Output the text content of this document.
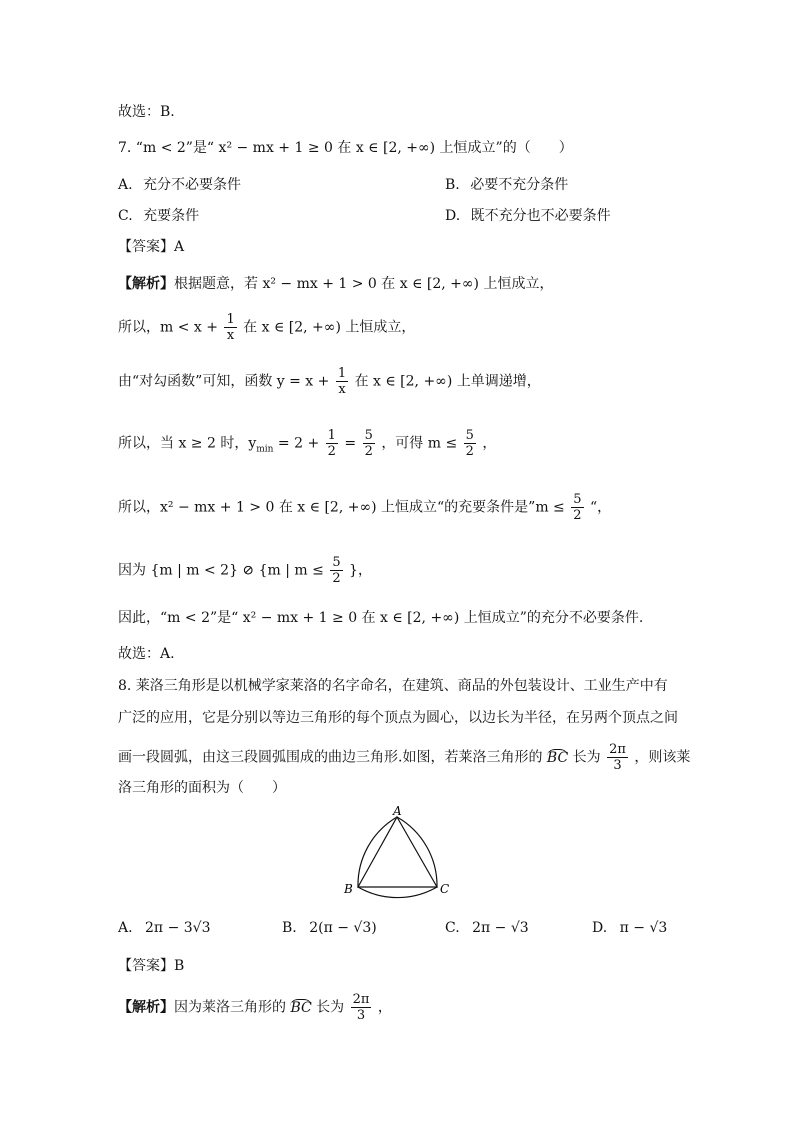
故选：B.
7. “m < 2”是“ x² − mx + 1 ≥ 0 在 x ∈ [2, +∞) 上恒成立”的（　　）
A. 充分不必要条件	B. 必要不充分条件
C. 充要条件	D. 既不充分也不必要条件
【答案】A
【解析】根据题意，若 x² − mx + 1 > 0 在 x ∈ [2, +∞) 上恒成立，
所以，$m < x + \frac{1}{x}$ 在 x ∈ [2, +∞) 上恒成立，
由“对勾函数”可知，函数 $y = x + \frac{1}{x}$ 在 x ∈ [2, +∞) 上单调递增，
所以，当 x ≥ 2 时，$y_{min} = 2 + \frac{1}{2} = \frac{5}{2}$ ，可得 $m \le \frac{5}{2}$ ，
所以，x² − mx + 1 > 0 在 x ∈ [2, +∞) 上恒成立“的充要条件是”m ≤ $\frac{5}{2}$ “，
因为 {m | m < 2} ⊘ {m | $m \le \frac{5}{2}$ }，
因此，“m < 2”是“ x² − mx + 1 ≥ 0 在 x ∈ [2, +∞) 上恒成立”的充分不必要条件.
故选：A.
8. 莱洛三角形是以机械学家莱洛的名字命名，在建筑、商品的外包装设计、工业生产中有
广泛的应用，它是分别以等边三角形的每个顶点为圆心，以边长为半径，在另两个顶点之间
画一段圆弧，由这三段圆弧围成的曲边三角形.如图，若莱洛三角形的 BC 长为 $\frac{2\pi}{3}$ ，则该莱
洛三角形的面积为（　　）
A
B	C
A. 2π − 3√3	B. 2(π − √3)	C. 2π − √3	D. π − √3
【答案】B
【解析】因为莱洛三角形的 BC 长为 $\frac{2\pi}{3}$ ，
